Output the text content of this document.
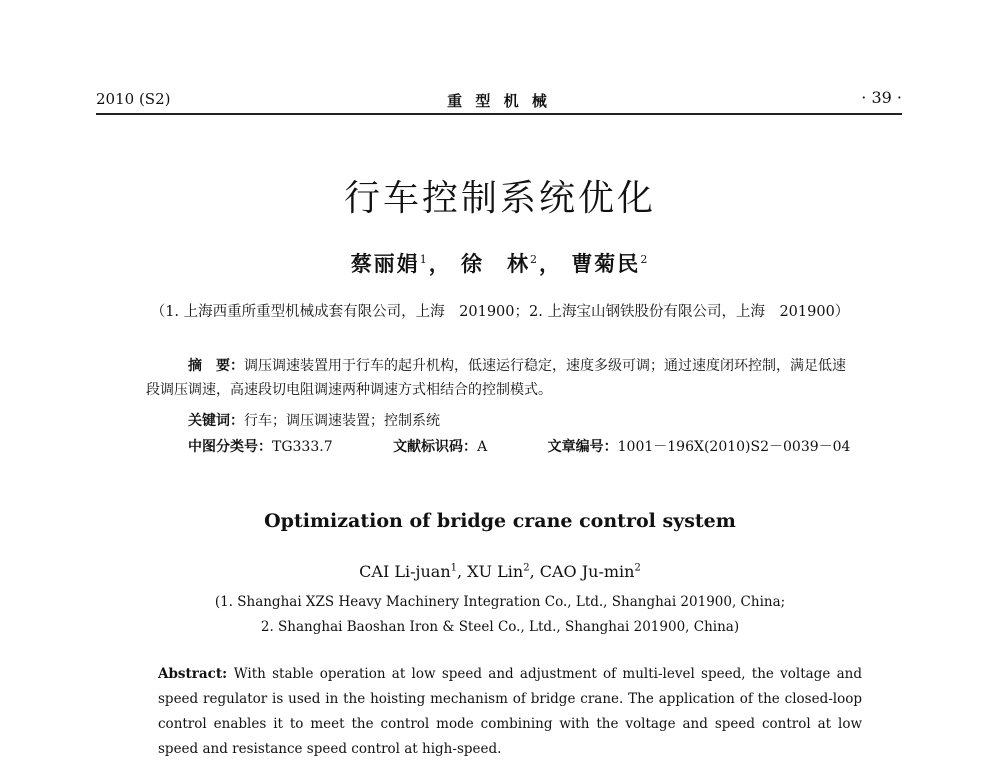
2010 (S2)	重 型 机 械	· 39 ·
行车控制系统优化
蔡丽娟$^1$， 徐　林$^2$， 曹菊民$^2$
（1. 上海西重所重型机械成套有限公司，上海　201900；2. 上海宝山钢铁股份有限公司，上海　201900）
摘　要：调压调速装置用于行车的起升机构，低速运行稳定，速度多级可调；通过速度闭环控制，满足低速段调压调速，高速段切电阻调速两种调速方式相结合的控制模式。
关键词：行车；调压调速装置；控制系统
中图分类号：TG333.7	文献标识码：A	文章编号：1001－196X(2010)S2－0039－04
Optimization of bridge crane control system
CAI Li-juan$^1$, XU Lin$^2$, CAO $Ju-\min^2$
(1. Shanghai XZS Heavy Machinery Integration Co., Ltd., Shanghai 201900, China;
2. Shanghai Baoshan Iron & Steel Co., Ltd., Shanghai 201900, China)
Abstract: With stable operation at low speed and adjustment of multi-level speed, the voltage and speed regulator is used in the hoisting mechanism of bridge crane. The application of the closed-loop control enables it to meet the control mode combining with the voltage and speed control at low speed and resistance speed control at high-speed.
